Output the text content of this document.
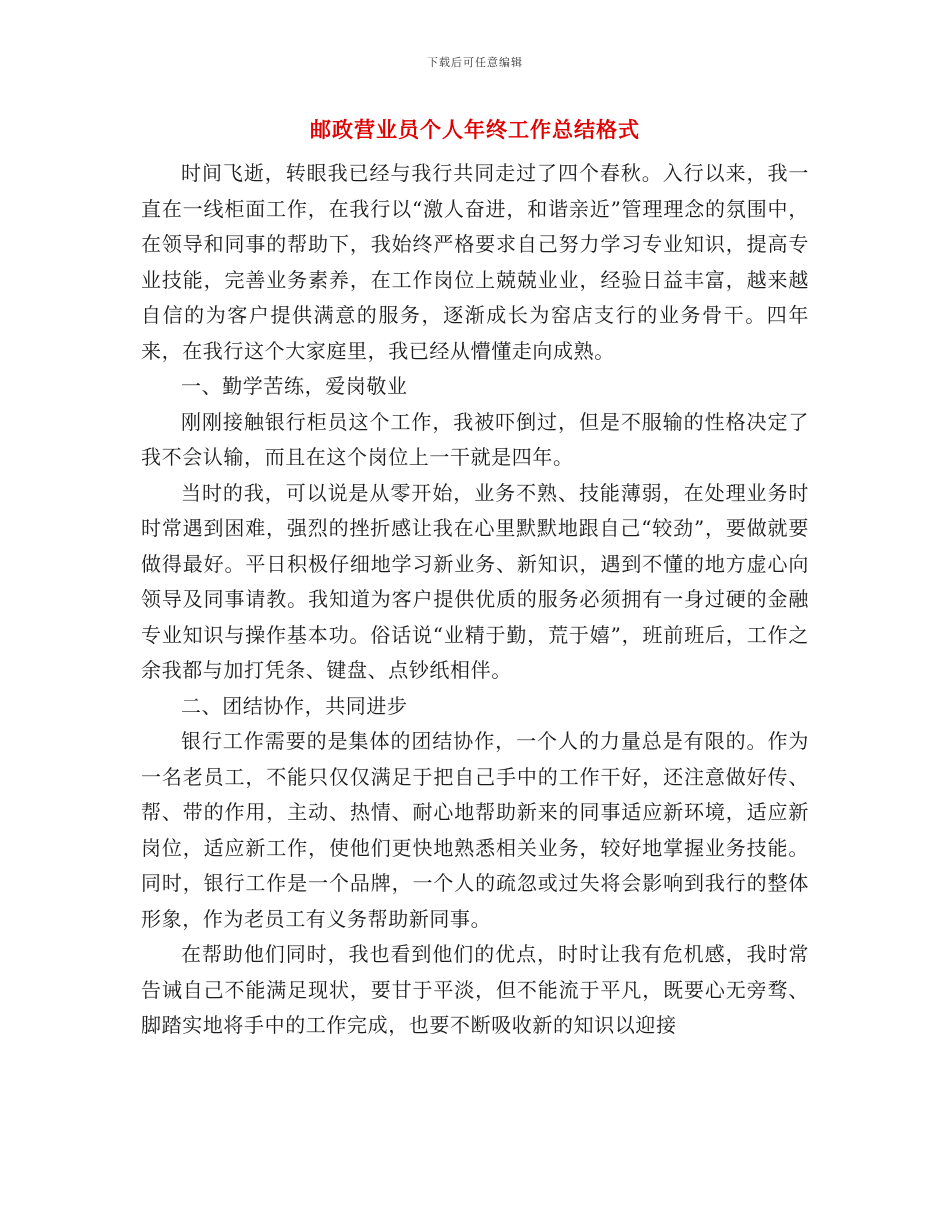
下载后可任意编辑
邮政营业员个人年终工作总结格式

时间飞逝，转眼我已经与我行共同走过了四个春秋。入行以来，我一直在一线柜面工作，在我行以“激人奋进，和谐亲近”管理理念的氛围中，在领导和同事的帮助下，我始终严格要求自己努力学习专业知识，提高专业技能，完善业务素养，在工作岗位上兢兢业业，经验日益丰富，越来越自信的为客户提供满意的服务，逐渐成长为窑店支行的业务骨干。四年来，在我行这个大家庭里，我已经从懵懂走向成熟。

一、勤学苦练，爱岗敬业

刚刚接触银行柜员这个工作，我被吓倒过，但是不服输的性格决定了我不会认输，而且在这个岗位上一干就是四年。

当时的我，可以说是从零开始，业务不熟、技能薄弱，在处理业务时时常遇到困难，强烈的挫折感让我在心里默默地跟自己“较劲”，要做就要做得最好。平日积极仔细地学习新业务、新知识，遇到不懂的地方虚心向领导及同事请教。我知道为客户提供优质的服务必须拥有一身过硬的金融专业知识与操作基本功。俗话说“业精于勤，荒于嬉”，班前班后，工作之余我都与加打凭条、键盘、点钞纸相伴。

二、团结协作，共同进步

银行工作需要的是集体的团结协作，一个人的力量总是有限的。作为一名老员工，不能只仅仅满足于把自己手中的工作干好，还注意做好传、帮、带的作用，主动、热情、耐心地帮助新来的同事适应新环境，适应新岗位，适应新工作，使他们更快地熟悉相关业务，较好地掌握业务技能。同时，银行工作是一个品牌，一个人的疏忽或过失将会影响到我行的整体形象，作为老员工有义务帮助新同事。

在帮助他们同时，我也看到他们的优点，时时让我有危机感，我时常告诫自己不能满足现状，要甘于平淡，但不能流于平凡，既要心无旁骛、脚踏实地将手中的工作完成，也要不断吸收新的知识以迎接
